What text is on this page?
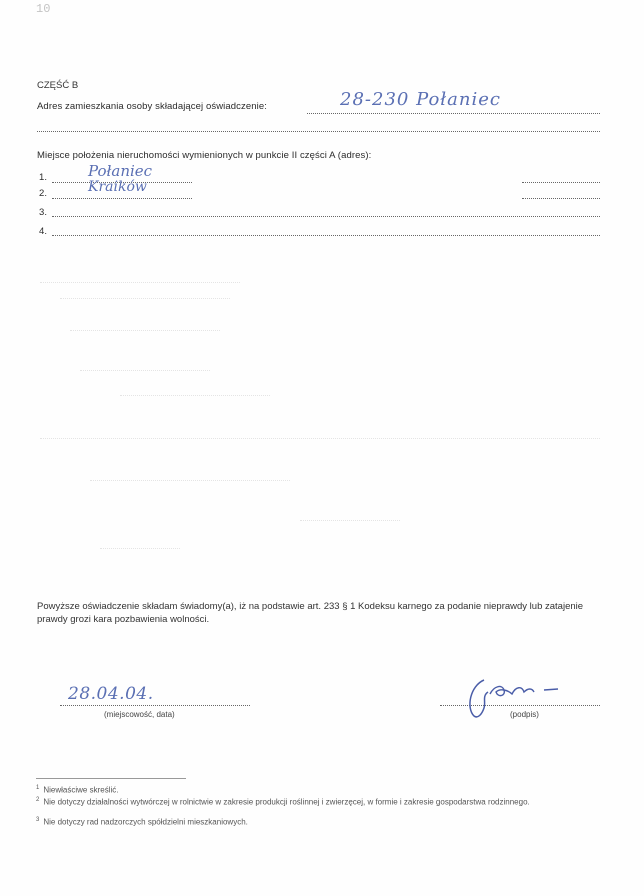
10
CZĘŚĆ B
Adres zamieszkania osoby składającej oświadczenie:	28-230 Połaniec
Miejsce położenia nieruchomości wymienionych w punkcie II części A (adres):
1.	Połaniec
2.	Kraików
3.
4.
Powyższe oświadczenie składam świadomy(a), iż na podstawie art. 233 § 1 Kodeksu karnego za podanie nieprawdy lub zatajenie prawdy grozi kara pozbawienia wolności.
28.04.04.
(miejscowość, data)	(podpis)
$^1$ Niewłaściwe skreślić.
$^2$ Nie dotyczy działalności wytwórczej w rolnictwie w zakresie produkcji roślinnej i zwierzęcej, w formie i zakresie gospodarstwa rodzinnego.
$^3$ Nie dotyczy rad nadzorczych spółdzielni mieszkaniowych.
